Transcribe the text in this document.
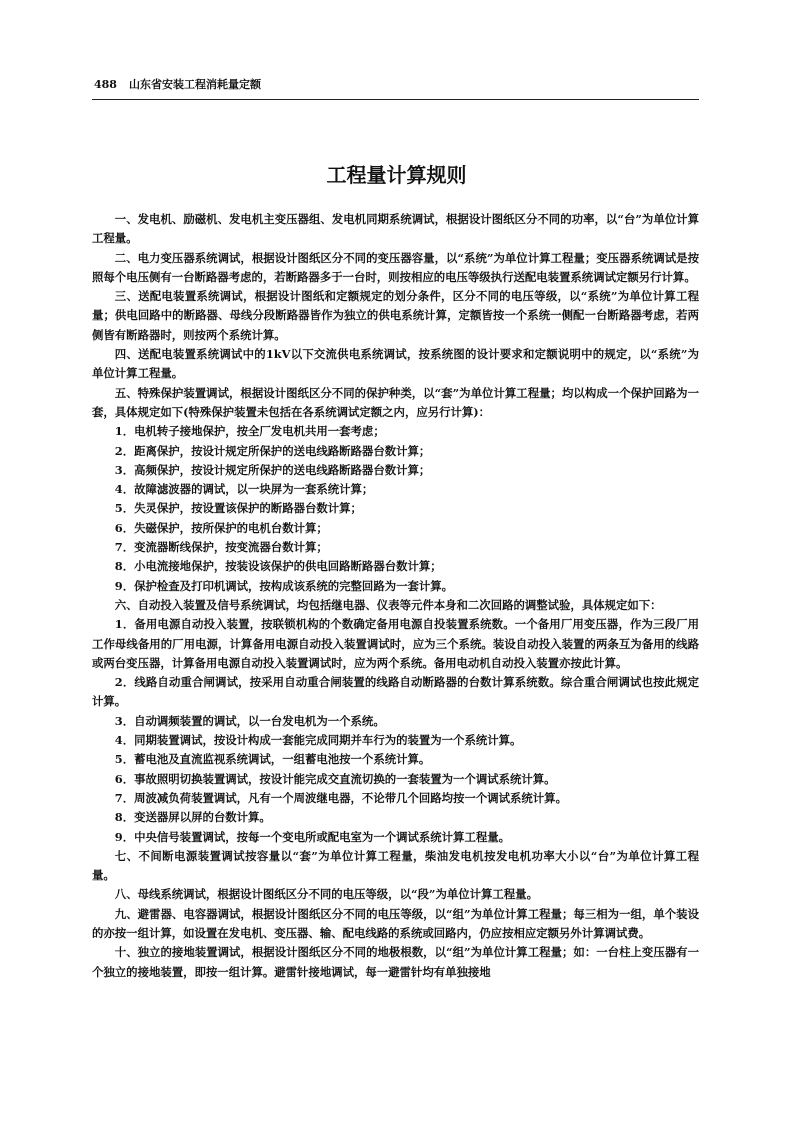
488 山东省安装工程消耗量定额
工程量计算规则

一、发电机、励磁机、发电机主变压器组、发电机同期系统调试，根据设计图纸区分不同的功率，以“台”为单位计算工程量。

二、电力变压器系统调试，根据设计图纸区分不同的变压器容量，以“系统”为单位计算工程量；变压器系统调试是按照每个电压侧有一台断路器考虑的，若断路器多于一台时，则按相应的电压等级执行送配电装置系统调试定额另行计算。

三、送配电装置系统调试，根据设计图纸和定额规定的划分条件，区分不同的电压等级，以“系统”为单位计算工程量；供电回路中的断路器、母线分段断路器皆作为独立的供电系统计算，定额皆按一个系统一侧配一台断路器考虑，若两侧皆有断路器时，则按两个系统计算。

四、送配电装置系统调试中的1kV以下交流供电系统调试，按系统图的设计要求和定额说明中的规定，以“系统”为单位计算工程量。

五、特殊保护装置调试，根据设计图纸区分不同的保护种类，以“套”为单位计算工程量；均以构成一个保护回路为一套，具体规定如下(特殊保护装置未包括在各系统调试定额之内，应另行计算)：

1．电机转子接地保护，按全厂发电机共用一套考虑；

2．距离保护，按设计规定所保护的送电线路断路器台数计算；

3．高频保护，按设计规定所保护的送电线路断路器台数计算；

4．故障滤波器的调试，以一块屏为一套系统计算；

5．失灵保护，按设置该保护的断路器台数计算；

6．失磁保护，按所保护的电机台数计算；

7．变流器断线保护，按变流器台数计算；

8．小电流接地保护，按装设该保护的供电回路断路器台数计算；

9．保护检查及打印机调试，按构成该系统的完整回路为一套计算。

六、自动投入装置及信号系统调试，均包括继电器、仪表等元件本身和二次回路的调整试验，具体规定如下：

1．备用电源自动投入装置，按联锁机构的个数确定备用电源自投装置系统数。一个备用厂用变压器，作为三段厂用工作母线备用的厂用电源，计算备用电源自动投入装置调试时，应为三个系统。装设自动投入装置的两条互为备用的线路或两台变压器，计算备用电源自动投入装置调试时，应为两个系统。备用电动机自动投入装置亦按此计算。

2．线路自动重合闸调试，按采用自动重合闸装置的线路自动断路器的台数计算系统数。综合重合闸调试也按此规定计算。

3．自动调频装置的调试，以一台发电机为一个系统。

4．同期装置调试，按设计构成一套能完成同期并车行为的装置为一个系统计算。

5．蓄电池及直流监视系统调试，一组蓄电池按一个系统计算。

6．事故照明切换装置调试，按设计能完成交直流切换的一套装置为一个调试系统计算。

7．周波减负荷装置调试，凡有一个周波继电器，不论带几个回路均按一个调试系统计算。

8．变送器屏以屏的台数计算。

9．中央信号装置调试，按每一个变电所或配电室为一个调试系统计算工程量。

七、不间断电源装置调试按容量以“套”为单位计算工程量，柴油发电机按发电机功率大小以“台”为单位计算工程量。

八、母线系统调试，根据设计图纸区分不同的电压等级，以“段”为单位计算工程量。

九、避雷器、电容器调试，根据设计图纸区分不同的电压等级，以“组”为单位计算工程量；每三相为一组，单个装设的亦按一组计算，如设置在发电机、变压器、输、配电线路的系统或回路内，仍应按相应定额另外计算调试费。

十、独立的接地装置调试，根据设计图纸区分不同的地极根数，以“组”为单位计算工程量；如：一台柱上变压器有一个独立的接地装置，即按一组计算。避雷针接地调试，每一避雷针均有单独接地
